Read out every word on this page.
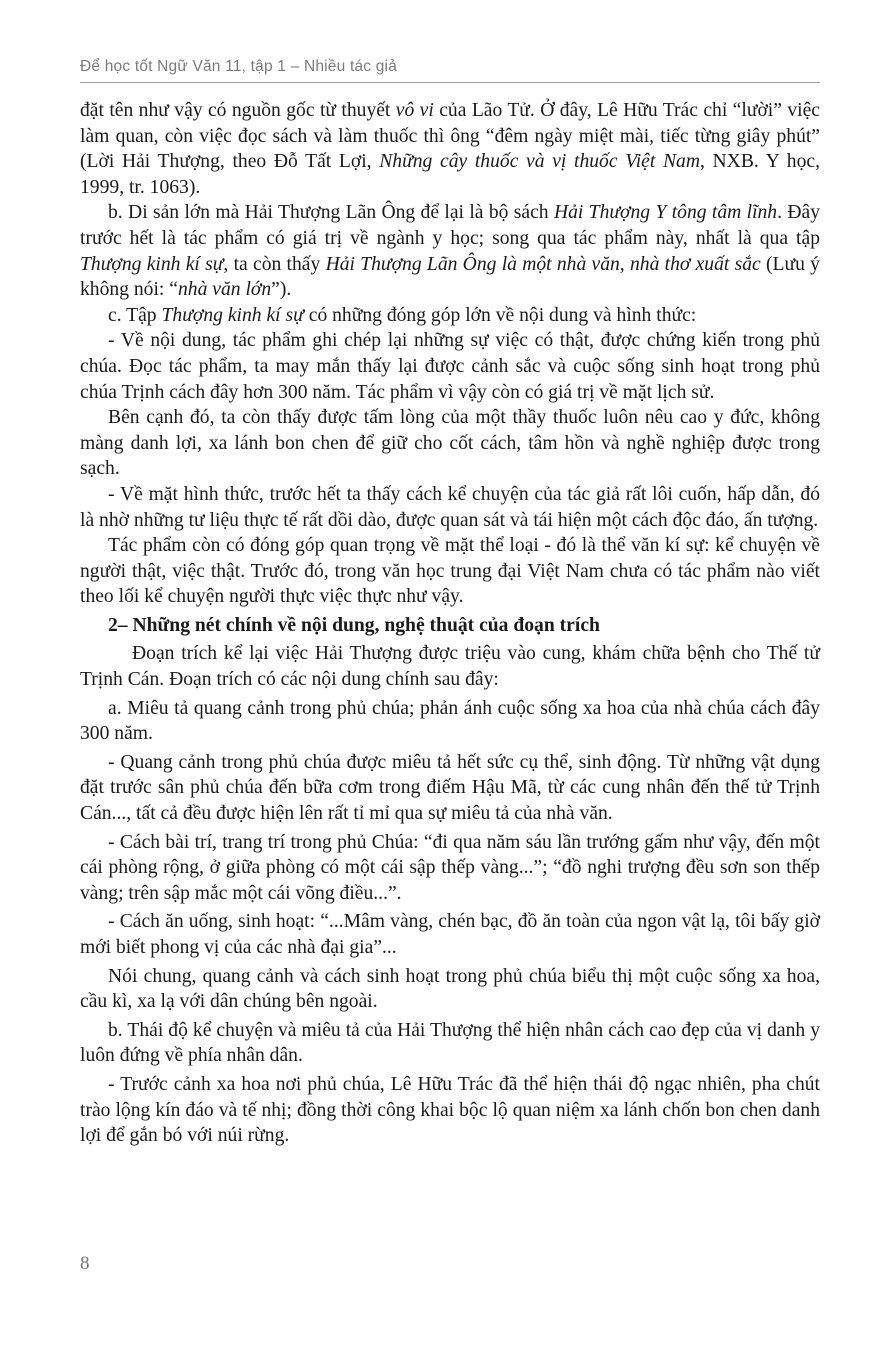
Để học tốt Ngữ Văn 11, tập 1 – Nhiều tác giả

đặt tên như vậy có nguồn gốc từ thuyết vô vi của Lão Tử. Ở đây, Lê Hữu Trác chỉ “lười” việc làm quan, còn việc đọc sách và làm thuốc thì ông “đêm ngày miệt mài, tiếc từng giây phút” (Lời Hải Thượng, theo Đỗ Tất Lợi, Những cây thuốc và vị thuốc Việt Nam, NXB. Y học, 1999, tr. 1063).

b. Di sản lớn mà Hải Thượng Lãn Ông để lại là bộ sách Hải Thượng Y tông tâm lĩnh. Đây trước hết là tác phẩm có giá trị về ngành y học; song qua tác phẩm này, nhất là qua tập Thượng kinh kí sự, ta còn thấy Hải Thượng Lãn Ông là một nhà văn, nhà thơ xuất sắc (Lưu ý không nói: “nhà văn lớn”).

c. Tập Thượng kinh kí sự có những đóng góp lớn về nội dung và hình thức:

- Về nội dung, tác phẩm ghi chép lại những sự việc có thật, được chứng kiến trong phủ chúa. Đọc tác phẩm, ta may mắn thấy lại được cảnh sắc và cuộc sống sinh hoạt trong phủ chúa Trịnh cách đây hơn 300 năm. Tác phẩm vì vậy còn có giá trị về mặt lịch sử.

Bên cạnh đó, ta còn thấy được tấm lòng của một thầy thuốc luôn nêu cao y đức, không màng danh lợi, xa lánh bon chen để giữ cho cốt cách, tâm hồn và nghề nghiệp được trong sạch.

- Về mặt hình thức, trước hết ta thấy cách kể chuyện của tác giả rất lôi cuốn, hấp dẫn, đó là nhờ những tư liệu thực tế rất dồi dào, được quan sát và tái hiện một cách độc đáo, ấn tượng.

Tác phẩm còn có đóng góp quan trọng về mặt thể loại - đó là thể văn kí sự: kể chuyện về người thật, việc thật. Trước đó, trong văn học trung đại Việt Nam chưa có tác phẩm nào viết theo lối kể chuyện người thực việc thực như vậy.

2– Những nét chính về nội dung, nghệ thuật của đoạn trích

Đoạn trích kể lại việc Hải Thượng được triệu vào cung, khám chữa bệnh cho Thế tử Trịnh Cán. Đoạn trích có các nội dung chính sau đây:

a. Miêu tả quang cảnh trong phủ chúa; phản ánh cuộc sống xa hoa của nhà chúa cách đây 300 năm.

- Quang cảnh trong phủ chúa được miêu tả hết sức cụ thể, sinh động. Từ những vật dụng đặt trước sân phủ chúa đến bữa cơm trong điếm Hậu Mã, từ các cung nhân đến thế tử Trịnh Cán..., tất cả đều được hiện lên rất tỉ mỉ qua sự miêu tả của nhà văn.

- Cách bài trí, trang trí trong phủ Chúa: “đi qua năm sáu lần trướng gấm như vậy, đến một cái phòng rộng, ở giữa phòng có một cái sập thếp vàng...”; “đồ nghi trượng đều sơn son thếp vàng; trên sập mắc một cái võng điều...”.

- Cách ăn uống, sinh hoạt: “...Mâm vàng, chén bạc, đồ ăn toàn của ngon vật lạ, tôi bấy giờ mới biết phong vị của các nhà đại gia”...

Nói chung, quang cảnh và cách sinh hoạt trong phủ chúa biểu thị một cuộc sống xa hoa, cầu kì, xa lạ với dân chúng bên ngoài.

b. Thái độ kể chuyện và miêu tả của Hải Thượng thể hiện nhân cách cao đẹp của vị danh y luôn đứng về phía nhân dân.

- Trước cảnh xa hoa nơi phủ chúa, Lê Hữu Trác đã thể hiện thái độ ngạc nhiên, pha chút trào lộng kín đáo và tế nhị; đồng thời công khai bộc lộ quan niệm xa lánh chốn bon chen danh lợi để gắn bó với núi rừng.

8
